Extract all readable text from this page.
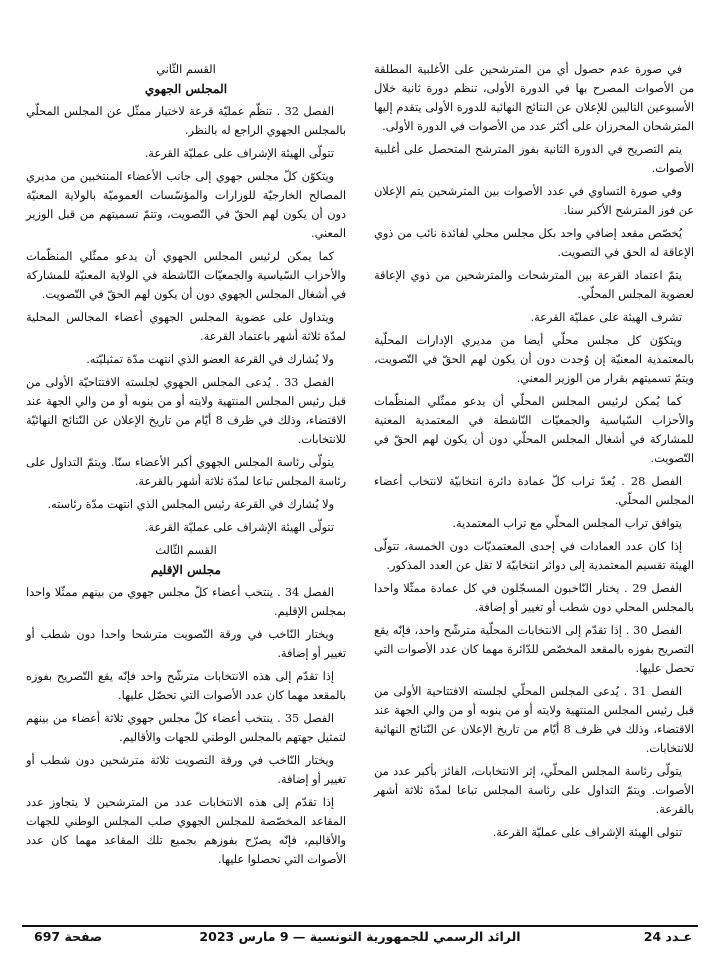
في صورة عدم حصول أي من المترشحين على الأغلبية المطلقة من الأصوات المصرح بها في الدورة الأولى، تنظم دورة ثانية خلال الأسبوعين التاليين للإعلان عن النتائج النهائية للدورة الأولى يتقدم إليها المترشحان المحرزان على أكثر عدد من الأصوات في الدورة الأولى.

يتم التصريح في الدورة الثانية بفوز المترشح المتحصل على أغلبية الأصوات.

وفي صورة التساوي في عدد الأصوات بين المترشحين يتم الإعلان عن فوز المترشح الأكبر سنا.

يُخصّص مقعد إضافي واحد بكل مجلس محلي لفائدة نائب من ذوي الإعاقة له الحق في التصويت.

يتمّ اعتماد القرعة بين المترشحات والمترشحين من ذوي الإعاقة لعضوية المجلس المحلّي.

تشرف الهيئة على عمليّة القرعة.

ويتكوّن كل مجلس محلّي أيضا من مديري الإدارات المحلّية بالمعتمدية المعنيّة إن وُجدت دون أن يكون لهم الحقّ في التّصويت، ويتمّ تسميتهم بقرار من الوزير المعني.

كما يُمكن لرئيس المجلس المحلّي أن يدعو ممثّلي المنظّمات والأحزاب السّياسية والجمعيّات النّاشطة في المعتمدية المعنية للمشاركة في أشغال المجلس المحلّي دون أن يكون لهم الحقّ في التّصويت.

الفصل 28 . يُعدّ تراب كلّ عمادة دائرة انتخابيّة لانتخاب أعضاء المجلس المحلّي.

يتوافق تراب المجلس المحلّي مع تراب المعتمدية.

إذا كان عدد العمادات في إحدى المعتمديّات دون الخمسة، تتولّى الهيئة تقسيم المعتمدية إلى دوائر انتخابيّة لا تقل عن العدد المذكور.

الفصل 29 . يختار النّاخبون المسجّلون في كل عمادة ممثّلا واحدا بالمجلس المحلي دون شطب أو تغيير أو إضافة.

الفصل 30 . إذا تقدّم إلى الانتخابات المحلّية مترشّح واحد، فإنّه يقع التصريح بفوزه بالمقعد المخصّص للدّائرة مهما كان عدد الأصوات التي تحصل عليها.

الفصل 31 . يُدعى المجلس المحلّي لجلسته الافتتاحية الأولى من قبل رئيس المجلس المنتهية ولايته أو من ينوبه أو من والي الجهة عند الاقتضاء، وذلك في ظرف 8 أيّام من تاريخ الإعلان عن النّتائج النهائية للانتخابات.

يتولّى رئاسة المجلس المحلّي، إثر الانتخابات، الفائز بأكبر عدد من الأصوات. ويتمّ التداول على رئاسة المجلس تباعا لمدّة ثلاثة أشهر بالقرعة.

تتولى الهيئة الإشراف على عمليّة القرعة.

القسم الثّاني

المجلس الجهوي

الفصل 32 . تنظّم عمليّة قرعة لاختيار ممثّل عن المجلس المحلّي بالمجلس الجهوي الراجع له بالنظر.

تتولّى الهيئة الإشراف على عمليّة القرعة.

ويتكوّن كلّ مجلس جهوي إلى جانب الأعضاء المنتخبين من مديري المصالح الخارجيّة للوزارات والمؤسّسات العموميّة بالولاية المعنيّة دون أن يكون لهم الحقّ في التّصويت، وتتمّ تسميتهم من قبل الوزير المعني.

كما يمكن لرئيس المجلس الجهوي أن يدعو ممثّلي المنظّمات والأحزاب السّياسية والجمعيّات النّاشطة في الولاية المعنيّة للمشاركة في أشغال المجلس الجهوي دون أن يكون لهم الحقّ في التّصويت.

ويتداول على عضوية المجلس الجهوي أعضاء المجالس المحلية لمدّة ثلاثة أشهر باعتماد القرعة.

ولا يُشارك في القرعة العضو الذي انتهت مدّة تمثيليّته.

الفصل 33 . يُدعى المجلس الجهوي لجلسته الافتتاحيّة الأولى من قبل رئيس المجلس المنتهية ولايته أو من ينوبه أو من والي الجهة عند الاقتضاء، وذلك في ظرف 8 أيّام من تاريخ الإعلان عن النّتائج النهائيّة للانتخابات.

يتولّى رئاسة المجلس الجهوي أكبر الأعضاء سنّا. ويتمّ التداول على رئاسة المجلس تباعا لمدّة ثلاثة أشهر بالقرعة.

ولا يُشارك في القرعة رئيس المجلس الذي انتهت مدّة رئاسته.

تتولّى الهيئة الإشراف على عمليّة القرعة.

القسم الثّالث

مجلس الإقليم

الفصل 34 . ينتخب أعضاء كلّ مجلس جهوي من بينهم ممثّلا واحدا بمجلس الإقليم.

ويختار النّاخب في ورقة التّصويت مترشحا واحدا دون شطب أو تغيير أو إضافة.

إذا تقدّم إلى هذه الانتخابات مترشّح واحد فإنّه يقع التّصريح بفوزه بالمقعد مهما كان عدد الأصوات التي تحصّل عليها.

الفصل 35 . ينتخب أعضاء كلّ مجلس جهوي ثلاثة أعضاء من بينهم لتمثيل جهتهم بالمجلس الوطني للجهات والأقاليم.

ويختار النّاخب في ورقة التصويت ثلاثة مترشحين دون شطب أو تغيير أو إضافة.

إذا تقدّم إلى هذه الانتخابات عدد من المترشحين لا يتجاوز عدد المقاعد المخصّصة للمجلس الجهوي صلب المجلس الوطني للجهات والأقاليم، فإنّه يصرّح بفوزهم بجميع تلك المقاعد مهما كان عدد الأصوات التي تحصلوا عليها.

صفحة 697	الرائد الرسمي للجمهورية التونسية — 9 مارس 2023	عـدد 24
